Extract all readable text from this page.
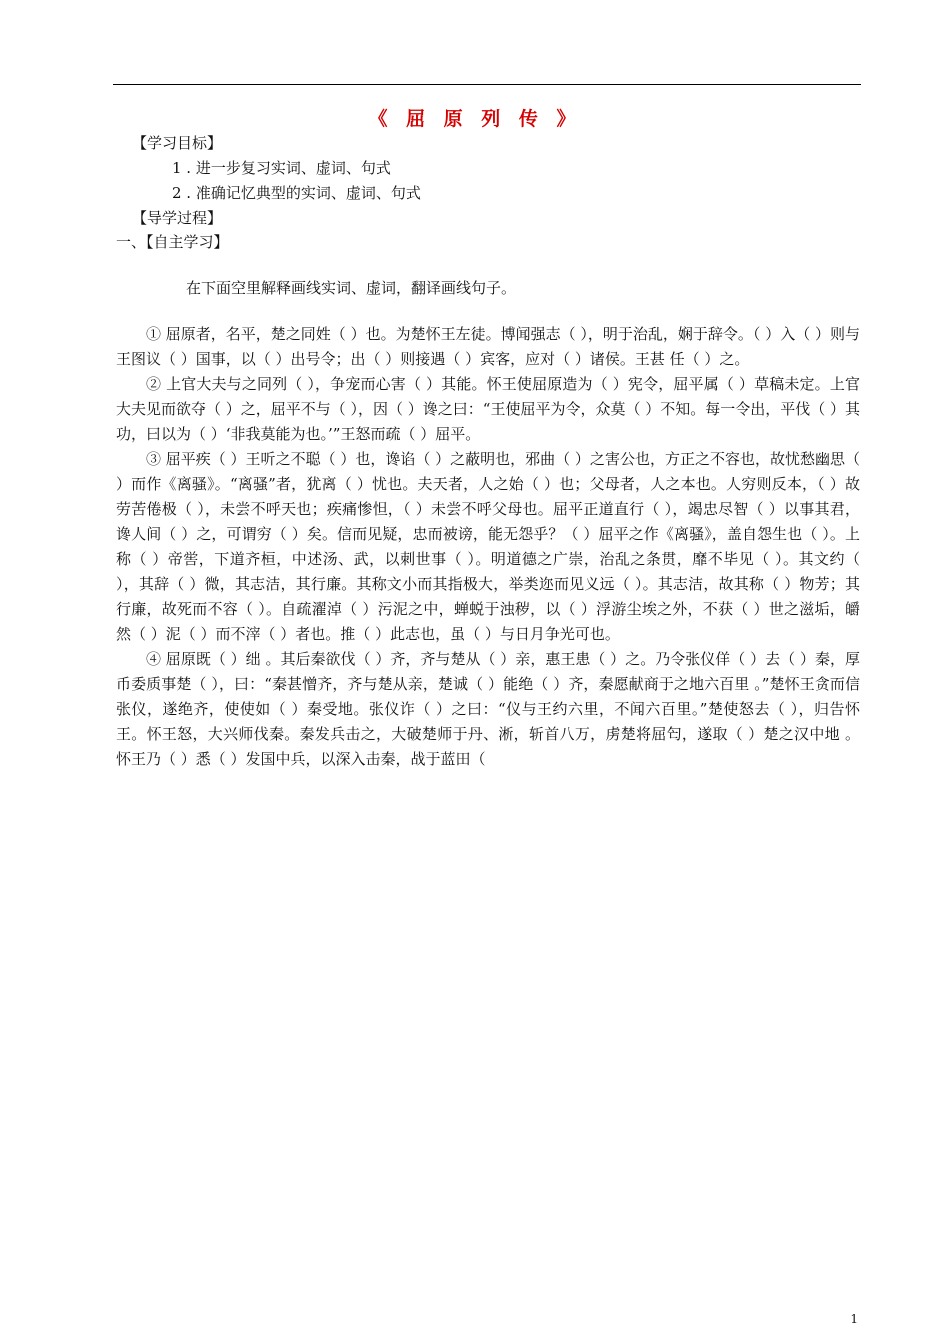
《 屈 原 列 传 》
【学习目标】
1 . 进一步复习实词、虚词、句式
2 . 准确记忆典型的实词、虚词、句式
【导学过程】
一、【自主学习】
在下面空里解释画线实词、虚词，翻译画线句子。

① 屈原者，名平，楚之同姓（ ）也。为楚怀王左徒。博闻强志（ ），明于治乱，娴于辞令。（ ）入（ ）则与王图议（ ）国事，以（ ）出号令；出（ ）则接遇（ ）宾客，应对（ ）诸侯。王甚 任（ ）之。

② 上官大夫与之同列（ ），争宠而心害（ ）其能。怀王使屈原造为（ ）宪令，屈平属（ ）草稿未定。上官大夫见而欲夺（ ）之，屈平不与（ ），因（ ）谗之曰：“王使屈平为令，众莫（ ）不知。每一令出，平伐（ ）其功，曰以为（ ）‘非我莫能为也。’”王怒而疏（ ）屈平。

③ 屈平疾（ ）王听之不聪（ ）也，谗谄（ ）之蔽明也，邪曲（ ）之害公也，方正之不容也，故忧愁幽思（ ）而作《离骚》。“离骚”者，犹离（ ）忧也。夫天者，人之始（ ）也；父母者，人之本也。人穷则反本，（ ）故劳苦倦极（ ），未尝不呼天也；疾痛惨怛，（ ）未尝不呼父母也。屈平正道直行（ ），竭忠尽智（ ）以事其君，谗人间（ ）之，可谓穷（ ）矣。信而见疑，忠而被谤，能无怨乎？（ ）屈平之作《离骚》，盖自怨生也（ ）。上称（ ）帝喾，下道齐桓，中述汤、武，以刺世事（ ）。明道德之广崇，治乱之条贯，靡不毕见（ ）。其文约（ ），其辞（ ）微，其志洁，其行廉。其称文小而其指极大，举类迩而见义远（ ）。其志洁，故其称（ ）物芳；其行廉，故死而不容（ ）。自疏濯淖（ ）污泥之中，蝉蜕于浊秽，以（ ）浮游尘埃之外，不获（ ）世之滋垢，皭然（ ）泥（ ）而不滓（ ）者也。推（ ）此志也，虽（ ）与日月争光可也。

④ 屈原既（ ）绌 。其后秦欲伐（ ）齐，齐与楚从（ ）亲，惠王患（ ）之。乃令张仪佯（ ）去（ ）秦，厚币委质事楚（ ），曰：“秦甚憎齐，齐与楚从亲，楚诚（ ）能绝（ ）齐，秦愿献商于之地六百里 。”楚怀王贪而信张仪，遂绝齐，使使如（ ）秦受地。张仪诈（ ）之曰：“仪与王约六里，不闻六百里。”楚使怒去（ ），归告怀王。怀王怒，大兴师伐秦。秦发兵击之，大破楚师于丹、淅，斩首八万，虏楚将屈匄，遂取（ ）楚之汉中地 。怀王乃（ ）悉（ ）发国中兵，以深入击秦，战于蓝田（

1
